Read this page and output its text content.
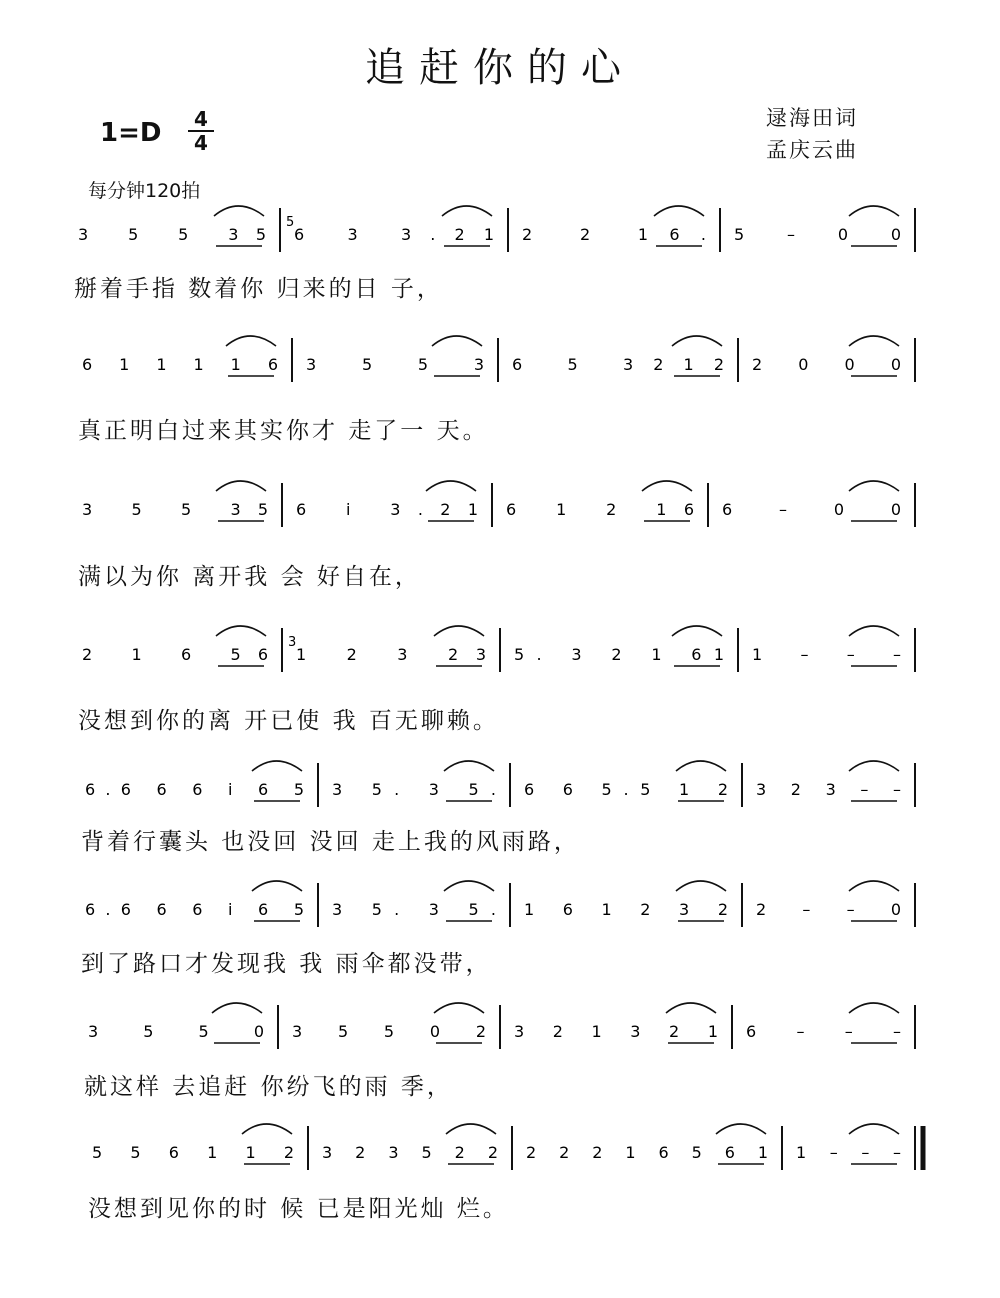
追赶你的心
1=D	4
4
每分钟120拍
逯海田词
孟庆云曲
3 5 5 35 6 3 3.21 2 2 16. 5 – 0 0
5
6 1 1 1 1 6 3 5 5 3 6 5 3212 2 0 0 0
3 5 5 35 6 i 3.21 6 1 2 16 6 – 0 0
2 1 6 56 1 2 3 23 5. 3 2 1 61 1 – – –
3
6.6 6 6 i 6 5 3 5. 3 5. 6 6 5.5 1 2 3 2 3 – –
6.6 6 6 i 6 5 3 5. 3 5. 1 6 1 2 3 2 2 – – 0
3 5 5 0 3 5 5 0 2 3 2 1 3 2 1 6 – – –
5 5 6 1 1 2 3 2 3 5 2 2 2 2 2 1 6 5 6 1 1 – – –
掰着手指 数着你 归来的日 子，
真正明白过来其实你才 走了一 天。
满以为你 离开我 会 好自在，
没想到你的离 开已使 我 百无聊赖。
背着行囊头 也没回 没回 走上我的风雨路，
到了路口才发现我 我 雨伞都没带，
就这样 去追赶 你纷飞的雨 季，
没想到见你的时 候 已是阳光灿 烂。
